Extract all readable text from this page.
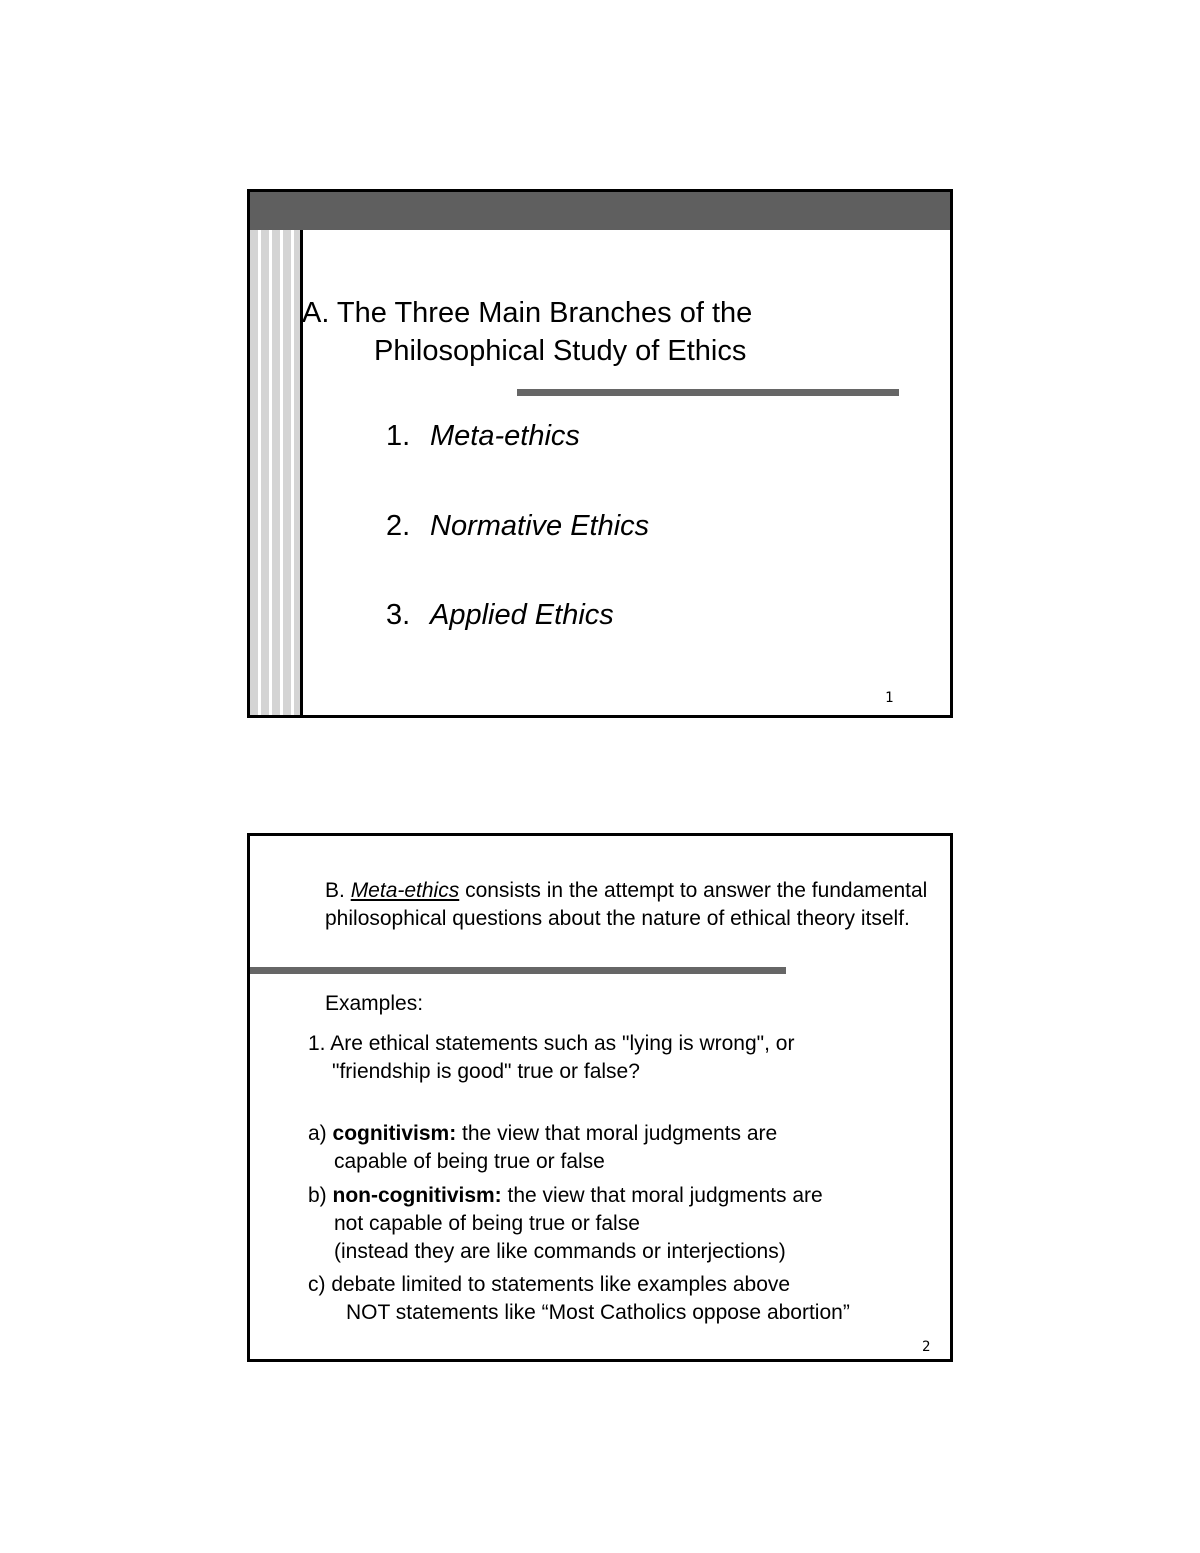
A. The Three Main Branches of the
Philosophical Study of Ethics
1. Meta-ethics
2. Normative Ethics
3. Applied Ethics
1
B. Meta-ethics consists in the attempt to answer the fundamental philosophical questions about the nature of ethical theory itself.
Examples:
1. Are ethical statements such as "lying is wrong", or
"friendship is good" true or false?
a) cognitivism: the view that moral judgments are
capable of being true or false
b) non-cognitivism: the view that moral judgments are
not capable of being true or false
(instead they are like commands or interjections)
c) debate limited to statements like examples above
NOT statements like “Most Catholics oppose abortion”
2
